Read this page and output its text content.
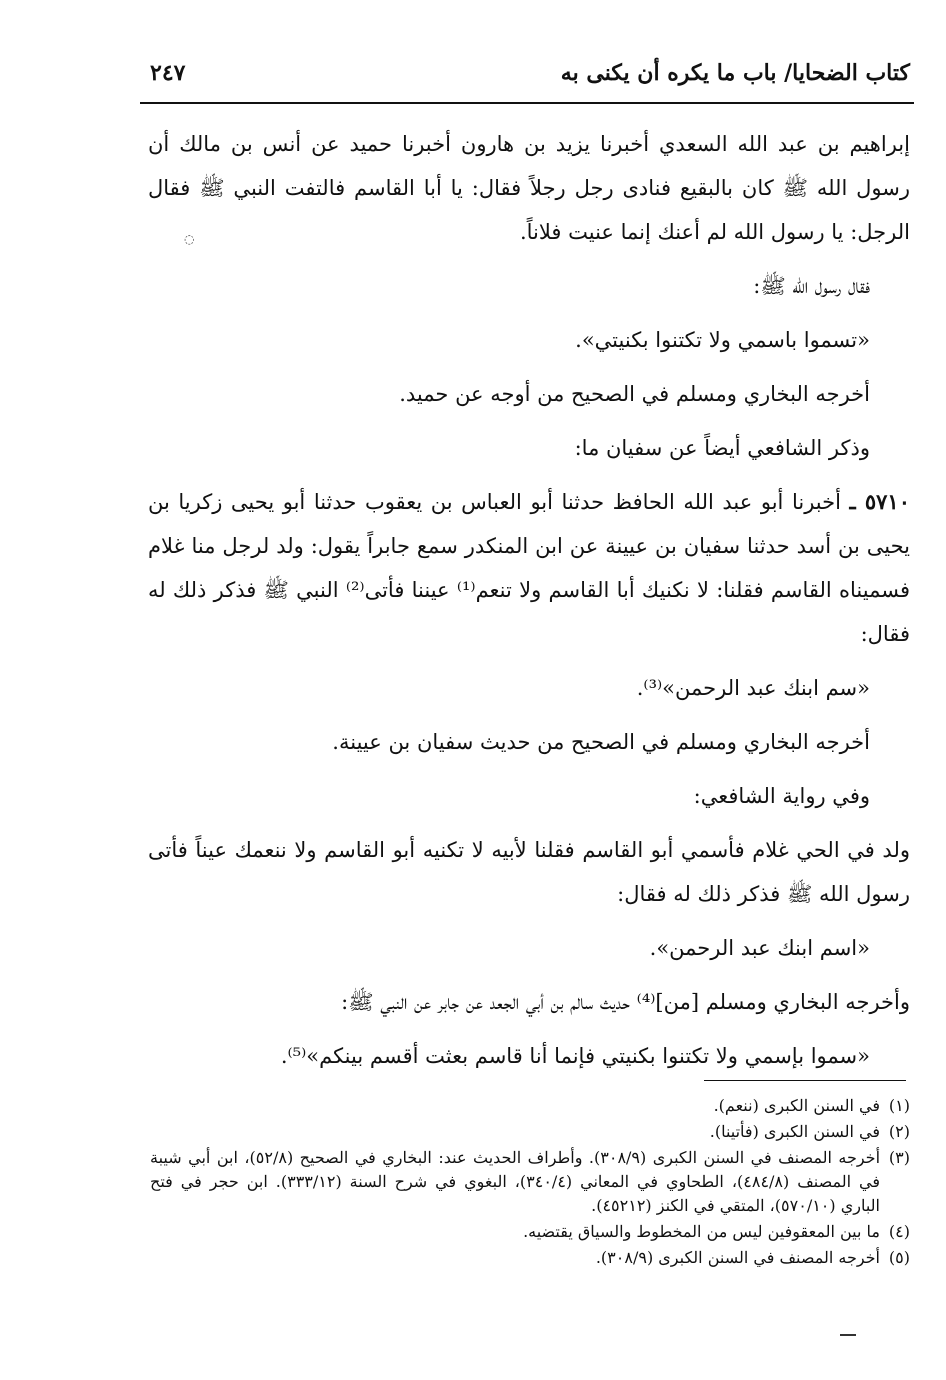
كتاب الضحايا/ باب ما يكره أن يكنى به
٢٤٧
◌

إبراهيم بن عبد الله السعدي أخبرنا يزيد بن هارون أخبرنا حميد عن أنس بن مالك أن رسول الله ﷺ كان بالبقيع فنادى رجل رجلاً فقال: يا أبا القاسم فالتفت النبي ﷺ فقال الرجل: يا رسول الله لم أعنك إنما عنيت فلاناً.

فقال رسول الله ﷺ:

«تسموا باسمي ولا تكتنوا بكنيتي».

أخرجه البخاري ومسلم في الصحيح من أوجه عن حميد.

وذكر الشافعي أيضاً عن سفيان ما:

٥٧١٠ ـ أخبرنا أبو عبد الله الحافظ حدثنا أبو العباس بن يعقوب حدثنا أبو يحيى زكريا بن يحيى بن أسد حدثنا سفيان بن عيينة عن ابن المنكدر سمع جابراً يقول: ولد لرجل منا غلام فسميناه القاسم فقلنا: لا نكنيك أبا القاسم ولا تنعم⁽¹⁾ عيننا فأتى⁽²⁾ النبي ﷺ فذكر ذلك له فقال:

«سم ابنك عبد الرحمن»⁽³⁾.

أخرجه البخاري ومسلم في الصحيح من حديث سفيان بن عيينة.

وفي رواية الشافعي:

ولد في الحي غلام فأسمي أبو القاسم فقلنا لأبيه لا تكنيه أبو القاسم ولا ننعمك عيناً فأتى رسول الله ﷺ فذكر ذلك له فقال:

«اسم ابنك عبد الرحمن».

وأخرجه البخاري ومسلم [من]⁽⁴⁾ حديث سالم بن أبي الجعد عن جابر عن النبي ﷺ:

«سموا بإسمي ولا تكتنوا بكنيتي فإنما أنا قاسم بعثت أقسم بينكم»⁽⁵⁾.

(١)
في السنن الكبرى (ننعم).
(٢)
في السنن الكبرى (فأتينا).
(٣)
أخرجه المصنف في السنن الكبرى (٣٠٨/٩). وأطراف الحديث عند: البخاري في الصحيح (٥٢/٨)، ابن أبي شيبة في المصنف (٤٨٤/٨)، الطحاوي في المعاني (٣٤٠/٤)، البغوي في شرح السنة (٣٣٣/١٢). ابن حجر في فتح الباري (٥٧٠/١٠)، المتقي في الكنز (٤٥٢١٢).
(٤)
ما بين المعقوفين ليس من المخطوط والسياق يقتضيه.
(٥)
أخرجه المصنف في السنن الكبرى (٣٠٨/٩).
